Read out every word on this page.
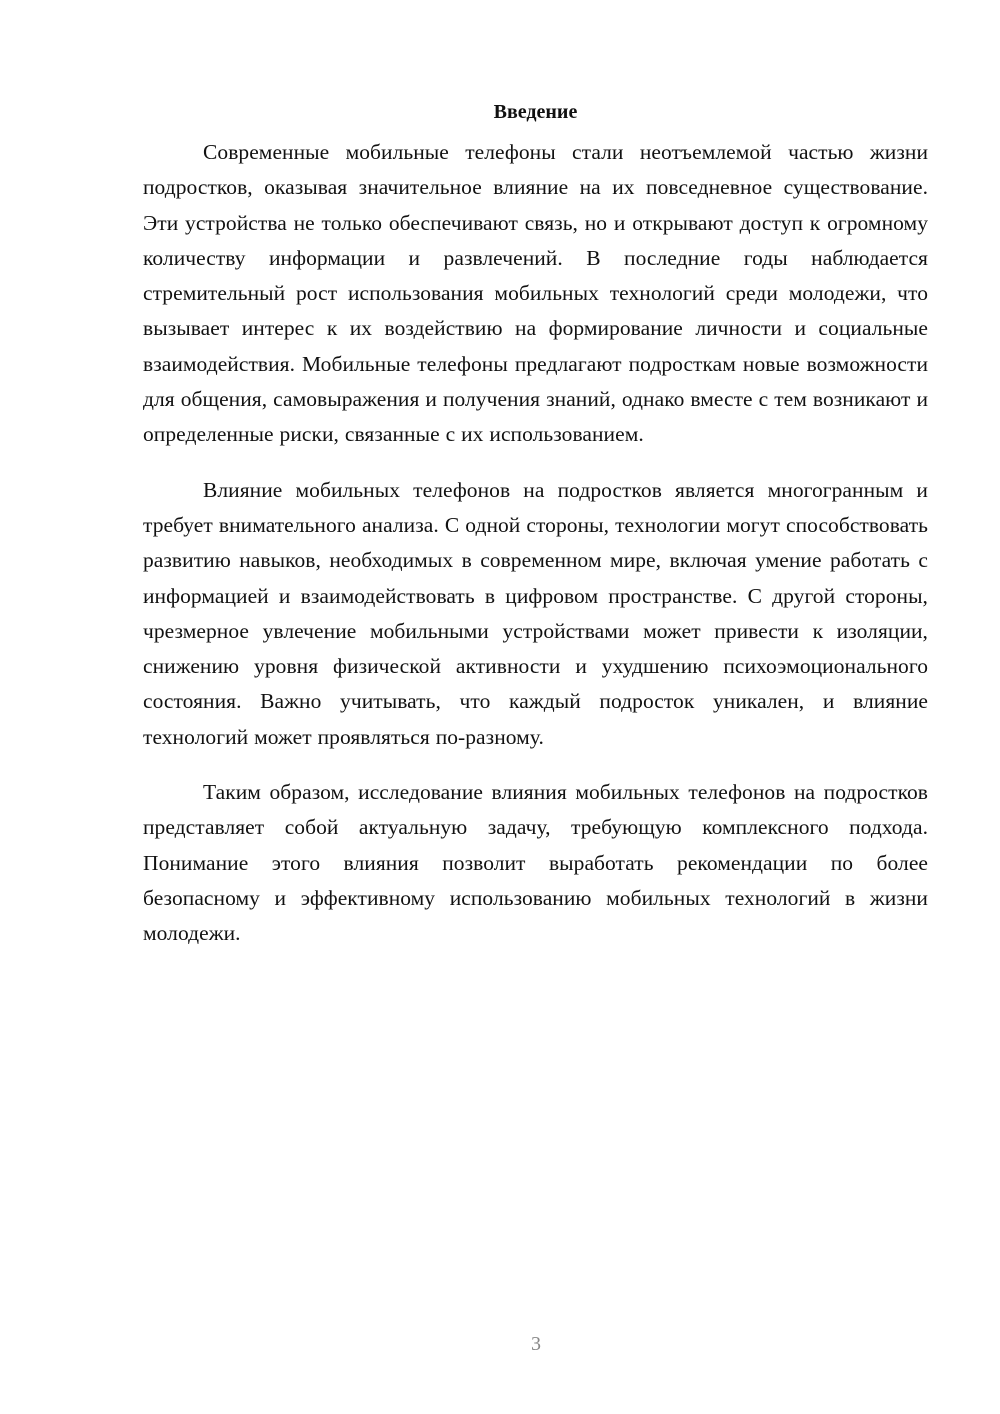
Введение

Современные мобильные телефоны стали неотъемлемой частью жизни подростков, оказывая значительное влияние на их повседневное существование. Эти устройства не только обеспечивают связь, но и открывают доступ к огромному количеству информации и развлечений. В последние годы наблюдается стремительный рост использования мобильных технологий среди молодежи, что вызывает интерес к их воздействию на формирование личности и социальные взаимодействия. Мобильные телефоны предлагают подросткам новые возможности для общения, самовыражения и получения знаний, однако вместе с тем возникают и определенные риски, связанные с их использованием.

Влияние мобильных телефонов на подростков является многогранным и требует внимательного анализа. С одной стороны, технологии могут способствовать развитию навыков, необходимых в современном мире, включая умение работать с информацией и взаимодействовать в цифровом пространстве. С другой стороны, чрезмерное увлечение мобильными устройствами может привести к изоляции, снижению уровня физической активности и ухудшению психоэмоционального состояния. Важно учитывать, что каждый подросток уникален, и влияние технологий может проявляться по-разному.

Таким образом, исследование влияния мобильных телефонов на подростков представляет собой актуальную задачу, требующую комплексного подхода. Понимание этого влияния позволит выработать рекомендации по более безопасному и эффективному использованию мобильных технологий в жизни молодежи.

3
